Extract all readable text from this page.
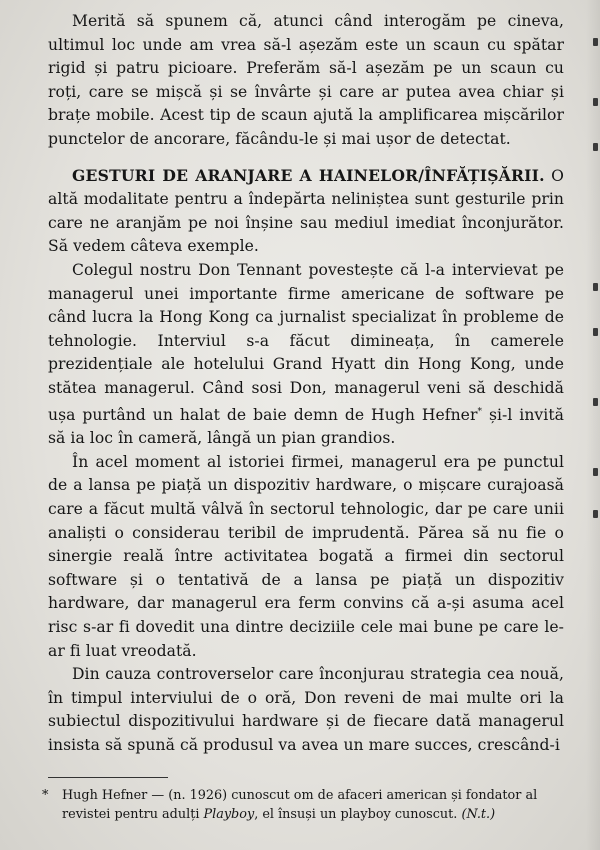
Merită să spunem că, atunci când interogăm pe cineva, ultimul loc unde am vrea să-l așezăm este un scaun cu spătar rigid și patru picioare. Preferăm să-l așezăm pe un scaun cu roți, care se mișcă și se învârte și care ar putea avea chiar și brațe mobile. Acest tip de scaun ajută la amplificarea mișcărilor punctelor de ancorare, făcându-le și mai ușor de detectat.

GESTURI DE ARANJARE A HAINELOR/ÎNFĂȚIȘĂRII. O altă modalitate pentru a îndepărta neliniștea sunt gesturile prin care ne aranjăm pe noi înșine sau mediul imediat înconjurător. Să vedem câteva exemple.

Colegul nostru Don Tennant povestește că l-a intervievat pe managerul unei importante firme americane de software pe când lucra la Hong Kong ca jurnalist specializat în probleme de tehnologie. Interviul s-a făcut dimineața, în camerele prezidențiale ale hotelului Grand Hyatt din Hong Kong, unde stătea managerul. Când sosi Don, managerul veni să deschidă ușa purtând un halat de baie demn de Hugh Hefner* și-l invită să ia loc în cameră, lângă un pian grandios.

În acel moment al istoriei firmei, managerul era pe punctul de a lansa pe piață un dispozitiv hardware, o mișcare curajoasă care a făcut multă vâlvă în sectorul tehnologic, dar pe care unii analiști o considerau teribil de imprudentă. Părea să nu fie o sinergie reală între activitatea bogată a firmei din sectorul software și o tentativă de a lansa pe piață un dispozitiv hardware, dar managerul era ferm convins că a-și asuma acel risc s-ar fi dovedit una dintre deciziile cele mai bune pe care le-ar fi luat vreodată.

Din cauza controverselor care înconjurau strategia cea nouă, în timpul interviului de o oră, Don reveni de mai multe ori la subiectul dispozitivului hardware și de fiecare dată managerul insista să spună că produsul va avea un mare succes, crescând-i

*	Hugh Hefner — (n. 1926) cunoscut om de afaceri american și fondator al revistei pentru adulți Playboy, el însuși un playboy cunoscut. (N.t.)
